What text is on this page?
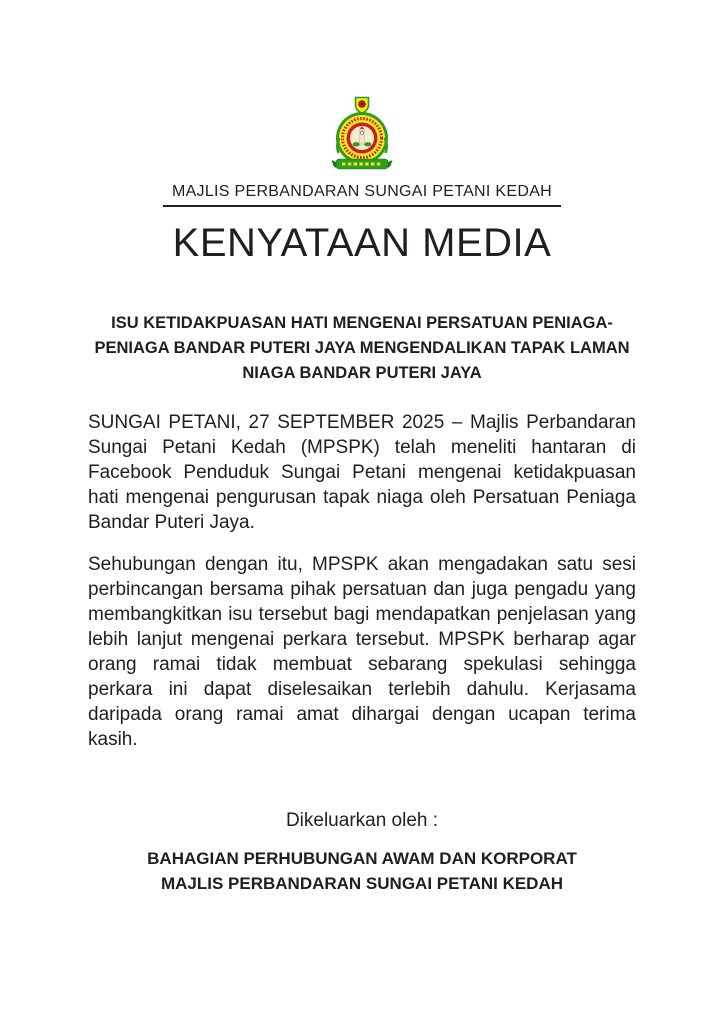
MAJLIS PERBANDARAN SUNGAI PETANI KEDAH
KENYATAAN MEDIA
ISU KETIDAKPUASAN HATI MENGENAI PERSATUAN PENIAGA-
PENIAGA BANDAR PUTERI JAYA MENGENDALIKAN TAPAK LAMAN
NIAGA BANDAR PUTERI JAYA
SUNGAI PETANI, 27 SEPTEMBER 2025 – Majlis Perbandaran Sungai Petani Kedah (MPSPK) telah meneliti hantaran di Facebook Penduduk Sungai Petani mengenai ketidakpuasan hati mengenai pengurusan tapak niaga oleh Persatuan Peniaga Bandar Puteri Jaya.
Sehubungan dengan itu, MPSPK akan mengadakan satu sesi perbincangan bersama pihak persatuan dan juga pengadu yang membangkitkan isu tersebut bagi mendapatkan penjelasan yang lebih lanjut mengenai perkara tersebut. MPSPK berharap agar orang ramai tidak membuat sebarang spekulasi sehingga perkara ini dapat diselesaikan terlebih dahulu. Kerjasama daripada orang ramai amat dihargai dengan ucapan terima kasih.
Dikeluarkan oleh :
BAHAGIAN PERHUBUNGAN AWAM DAN KORPORAT
MAJLIS PERBANDARAN SUNGAI PETANI KEDAH
